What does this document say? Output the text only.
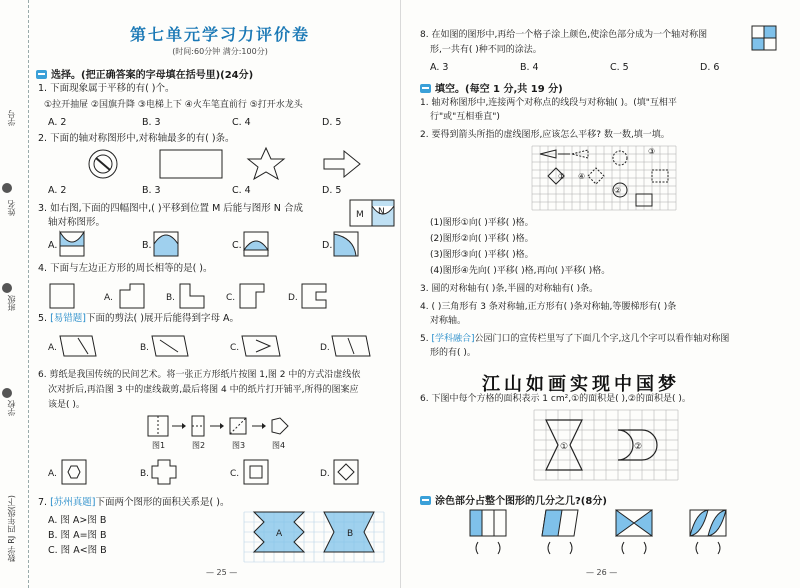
学号
姓名
班级
学校
数学 RJ 四年级(下)
第七单元学习力评价卷
(时间:60分钟 满分:100分)
选择。(把正确答案的字母填在括号里)(24分)
1. 下面现象属于平移的有( )个。
①拉开抽屉 ②国旗升降 ③电梯上下 ④火车笔直前行 ⑤打开水龙头
A. 2	B. 3	C. 4	D. 5
2. 下面的轴对称图形中,对称轴最多的有( )条。
A. 2	B. 3	C. 4	D. 5
3. 如右图,下面的四幅图中,( )平移到位置 M 后能与图形 N 合成
轴对称图形。
M N
A.	B.	C.	D.
4. 下面与左边正方形的周长相等的是( )。
A.	B.	C.	D.
5. [易错题]下面的剪法( )展开后能得到字母 A。
A.	B.	C.	D.
6. 剪纸是我国传统的民间艺术。将一张正方形纸片按图 1,图 2 中的方式沿虚线依
次对折后,再沿图 3 中的虚线裁剪,最后将图 4 中的纸片打开铺平,所得的图案应
该是( )。
图1	图2	图3	图4
A.	B.	C.	D.
7. [苏州真题]下面两个图形的面积关系是( )。
A. 图 A>图 B
B. 图 A=图 B
C. 图 A<图 B
A	B
— 25 —
8. 在如图的图形中,再给一个格子涂上颜色,使涂色部分成为一个轴对称图
形,一共有( )种不同的涂法。
A. 3	B. 4	C. 5	D. 6
填空。(每空 1 分,共 19 分)
1. 轴对称图形中,连接两个对称点的线段与对称轴( )。(填"互相平
行"或"互相垂直")
2. 要得到箭头所指的虚线图形,应该怎么平移? 数一数,填一填。
①
②
③
④
(1)图形①向( )平移( )格。
(2)图形②向( )平移( )格。
(3)图形③向( )平移( )格。
(4)图形④先向( )平移( )格,再向( )平移( )格。
3. 圆的对称轴有( )条,半圆的对称轴有( )条。
4. ( )三角形有 3 条对称轴,正方形有( )条对称轴,等腰梯形有( )条
对称轴。
5. [学科融合]公园门口的宣传栏里写了下面几个字,这几个字可以看作轴对称图
形的有( )。
江山如画实现中国梦
6. 下图中每个方格的面积表示 1 cm²,①的面积是( ),②的面积是( )。
①	②
涂色部分占整个图形的几分之几?(8分)
— 26 —
